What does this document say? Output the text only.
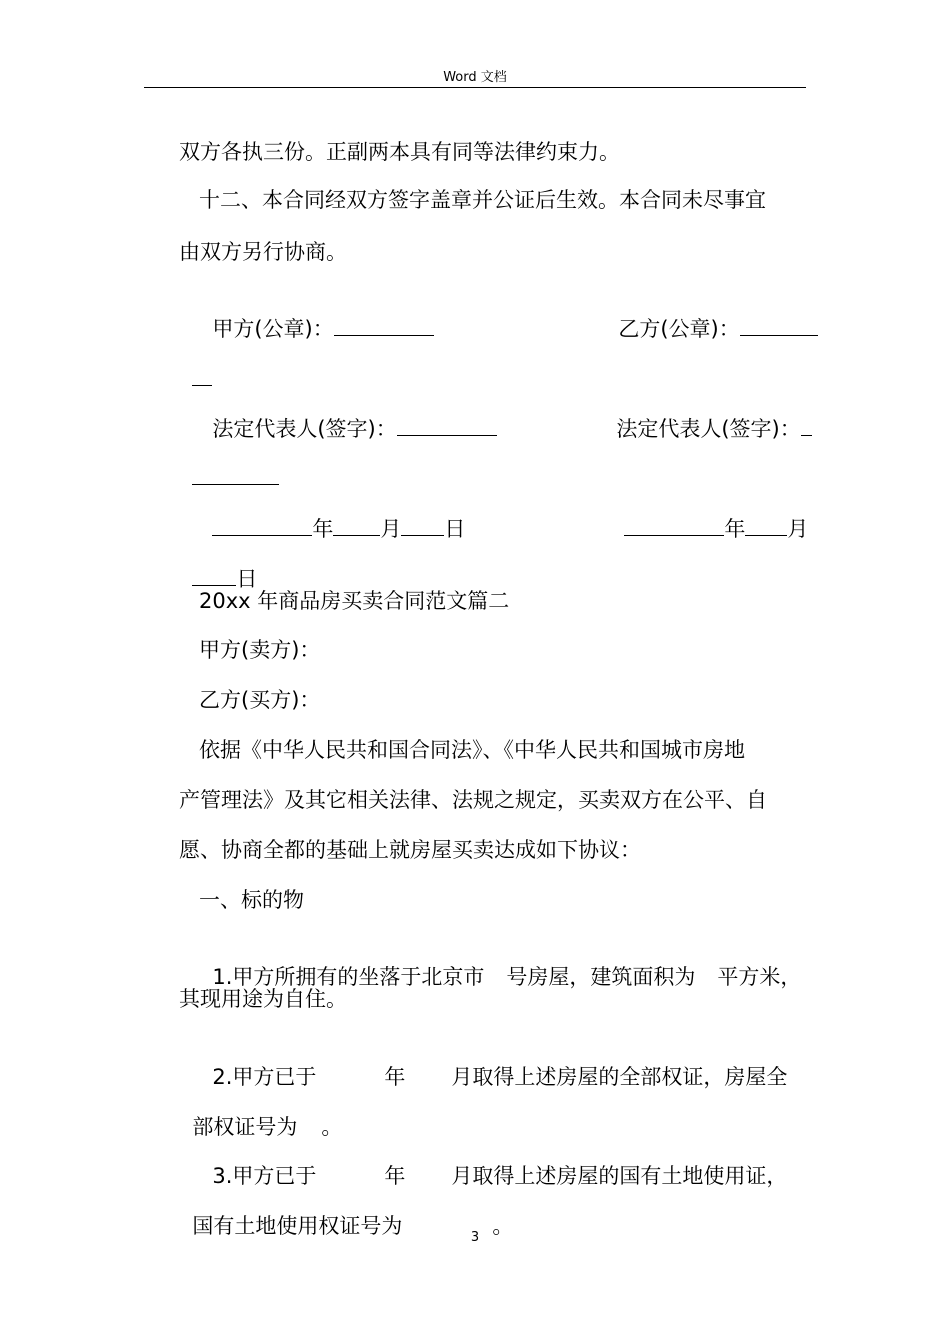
Word 文档
双方各执三份。正副两本具有同等法律约束力。
十二、本合同经双方签字盖章并公证后生效。本合同未尽事宜
由双方另行协商。

甲方(公章)：	乙方(公章)：

法定代表人(签字)：	法定代表人(签字)：

年 月 日	年 月

日

20xx 年商品房买卖合同范文篇二
甲方(卖方)：
乙方(买方)：
依据《中华人民共和国合同法》、《中华人民共和国城市房地
产管理法》及其它相关法律、法规之规定，买卖双方在公平、自
愿、协商全都的基础上就房屋买卖达成如下协议：
一、标的物

1.甲方所拥有的坐落于北京市 号房屋，建筑面积为 平方米，

其现用途为自住。

2.甲方已于	年 月取得上述房屋的全部权证，房屋全

部权证号为 。

3.甲方已于	年 月取得上述房屋的国有土地使用证，

国有土地使用权证号为	。

3
